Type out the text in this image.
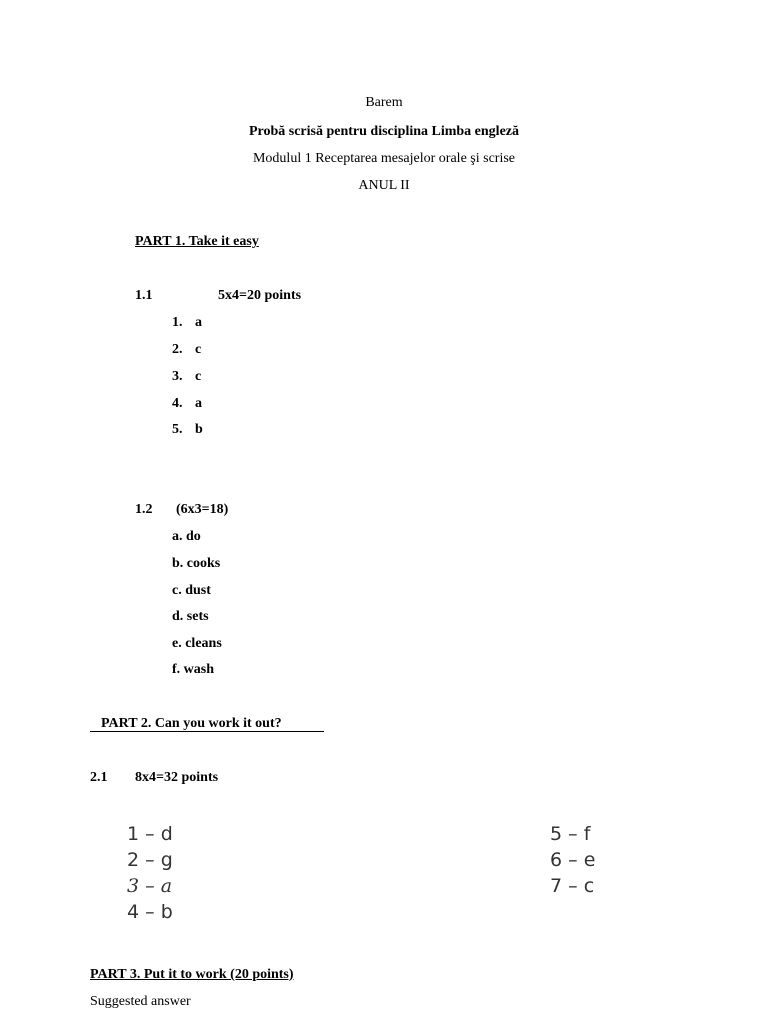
Barem
Probă scrisă pentru disciplina Limba engleză
Modulul 1 Receptarea mesajelor orale şi scrise
ANUL II
PART 1. Take it easy
1.1	5x4=20 points
1. a
2. c
3. c
4. a
5. b
1.2 (6x3=18)
a. do
b. cooks
c. dust
d. sets
e. cleans
f. wash
PART 2. Can you work it out?
2.1 8x4=32 points
1 – d
2 – g
3 – a
4 – b
5 – f
6 – e
7 – c
PART 3. Put it to work (20 points)
Suggested answer
